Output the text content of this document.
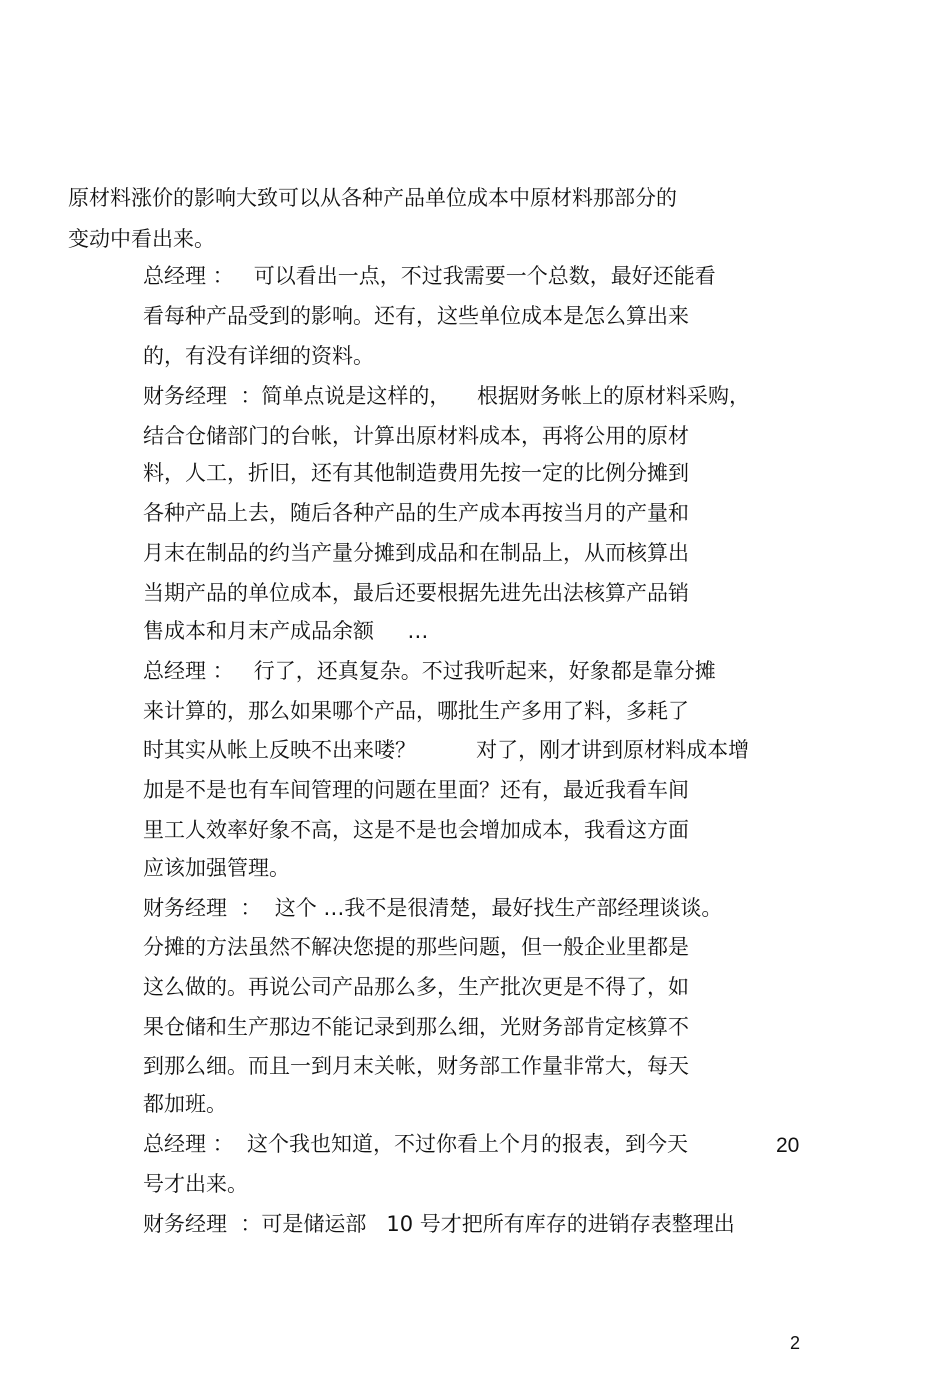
原材料涨价的影响大致可以从各种产品单位成本中原材料那部分的
变动中看出来。
总经理 ：   可以看出一点，不过我需要一个总数，最好还能看
看每种产品受到的影响。还有，这些单位成本是怎么算出来
的，有没有详细的资料。
财务经理  ：简单点说是这样的，    根据财务帐上的原材料采购，
结合仓储部门的台帐，计算出原材料成本，再将公用的原材
料，人工，折旧，还有其他制造费用先按一定的比例分摊到
各种产品上去，随后各种产品的生产成本再按当月的产量和
月末在制品的约当产量分摊到成品和在制品上，从而核算出
当期产品的单位成本，最后还要根据先进先出法核算产品销
售成本和月末产成品余额     …
总经理 ：   行了，还真复杂。不过我听起来，好象都是靠分摊
来计算的，那么如果哪个产品，哪批生产多用了料，多耗了
时其实从帐上反映不出来喽？         对了，刚才讲到原材料成本增
加是不是也有车间管理的问题在里面？还有，最近我看车间
里工人效率好象不高，这是不是也会增加成本，我看这方面
应该加强管理。
财务经理  ：  这个 …我不是很清楚，最好找生产部经理谈谈。
分摊的方法虽然不解决您提的那些问题，但一般企业里都是
这么做的。再说公司产品那么多，生产批次更是不得了，如
果仓储和生产那边不能记录到那么细，光财务部肯定核算不
到那么细。而且一到月末关帐，财务部工作量非常大，每天
都加班。
总经理 ：  这个我也知道，不过你看上个月的报表，到今天	20
号才出来。
财务经理  ：可是储运部   10 号才把所有库存的进销存表整理出
2
